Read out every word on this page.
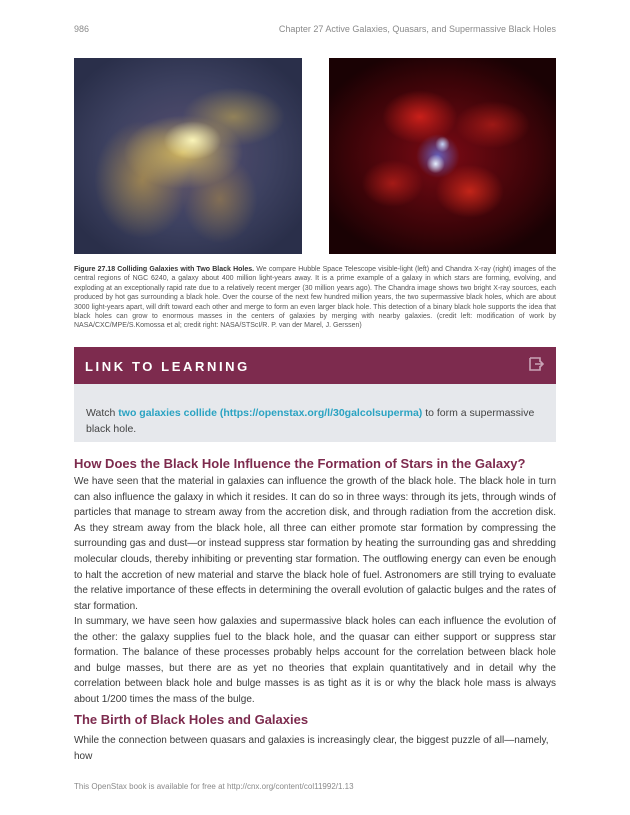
986	Chapter 27 Active Galaxies, Quasars, and Supermassive Black Holes
Figure 27.18 Colliding Galaxies with Two Black Holes. We compare Hubble Space Telescope visible-light (left) and Chandra X-ray (right) images of the central regions of NGC 6240, a galaxy about 400 million light-years away. It is a prime example of a galaxy in which stars are forming, evolving, and exploding at an exceptionally rapid rate due to a relatively recent merger (30 million years ago). The Chandra image shows two bright X-ray sources, each produced by hot gas surrounding a black hole. Over the course of the next few hundred million years, the two supermassive black holes, which are about 3000 light-years apart, will drift toward each other and merge to form an even larger black hole. This detection of a binary black hole supports the idea that black holes can grow to enormous masses in the centers of galaxies by merging with nearby galaxies. (credit left: modification of work by NASA/CXC/MPE/S.Komossa et al; credit right: NASA/STScI/R. P. van der Marel, J. Gerssen)
LINK TO LEARNING
Watch two galaxies collide (https://openstax.org/l/30galcolsuperma) to form a supermassive black hole.
How Does the Black Hole Influence the Formation of Stars in the Galaxy?
We have seen that the material in galaxies can influence the growth of the black hole. The black hole in turn can also influence the galaxy in which it resides. It can do so in three ways: through its jets, through winds of particles that manage to stream away from the accretion disk, and through radiation from the accretion disk. As they stream away from the black hole, all three can either promote star formation by compressing the surrounding gas and dust—or instead suppress star formation by heating the surrounding gas and shredding molecular clouds, thereby inhibiting or preventing star formation. The outflowing energy can even be enough to halt the accretion of new material and starve the black hole of fuel. Astronomers are still trying to evaluate the relative importance of these effects in determining the overall evolution of galactic bulges and the rates of star formation.
In summary, we have seen how galaxies and supermassive black holes can each influence the evolution of the other: the galaxy supplies fuel to the black hole, and the quasar can either support or suppress star formation. The balance of these processes probably helps account for the correlation between black hole and bulge masses, but there are as yet no theories that explain quantitatively and in detail why the correlation between black hole and bulge masses is as tight as it is or why the black hole mass is always about 1/200 times the mass of the bulge.
The Birth of Black Holes and Galaxies
While the connection between quasars and galaxies is increasingly clear, the biggest puzzle of all—namely, how
This OpenStax book is available for free at http://cnx.org/content/col11992/1.13
